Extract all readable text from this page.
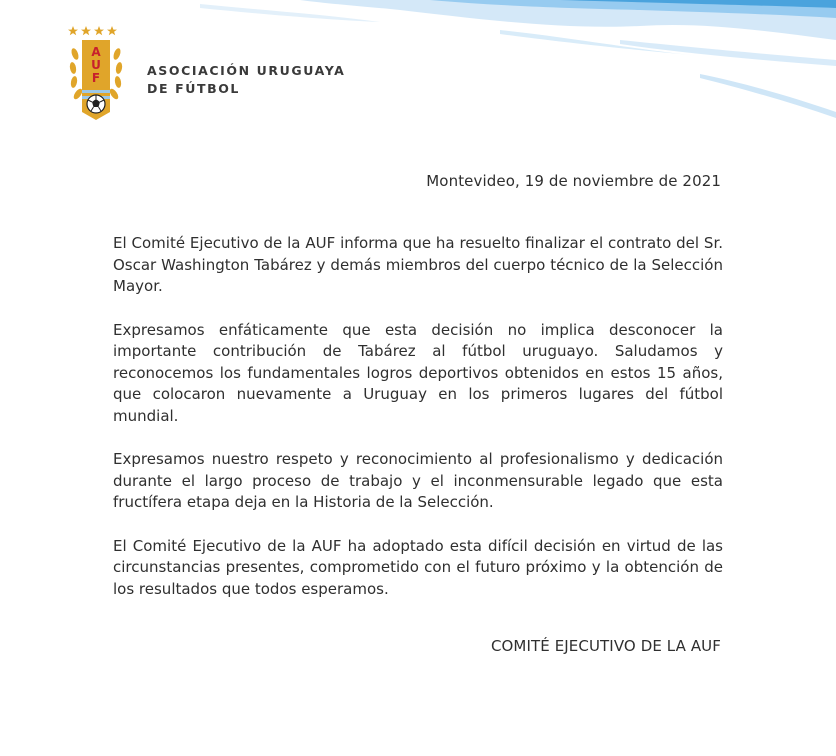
A
U
F	ASOCIACIÓN URUGUAYA
DE FÚTBOL
Montevideo, 19 de noviembre de 2021

El Comité Ejecutivo de la AUF informa que ha resuelto finalizar el contrato del Sr. Oscar Washington Tabárez y demás miembros del cuerpo técnico de la Selección Mayor.

Expresamos enfáticamente que esta decisión no implica desconocer la importante contribución de Tabárez al fútbol uruguayo. Saludamos y reconocemos los fundamentales logros deportivos obtenidos en estos 15 años, que colocaron nuevamente a Uruguay en los primeros lugares del fútbol mundial.

Expresamos nuestro respeto y reconocimiento al profesionalismo y dedicación durante el largo proceso de trabajo y el inconmensurable legado que esta fructífera etapa deja en la Historia de la Selección.

El Comité Ejecutivo de la AUF ha adoptado esta difícil decisión en virtud de las circunstancias presentes, comprometido con el futuro próximo y la obtención de los resultados que todos esperamos.

COMITÉ EJECUTIVO DE LA AUF
